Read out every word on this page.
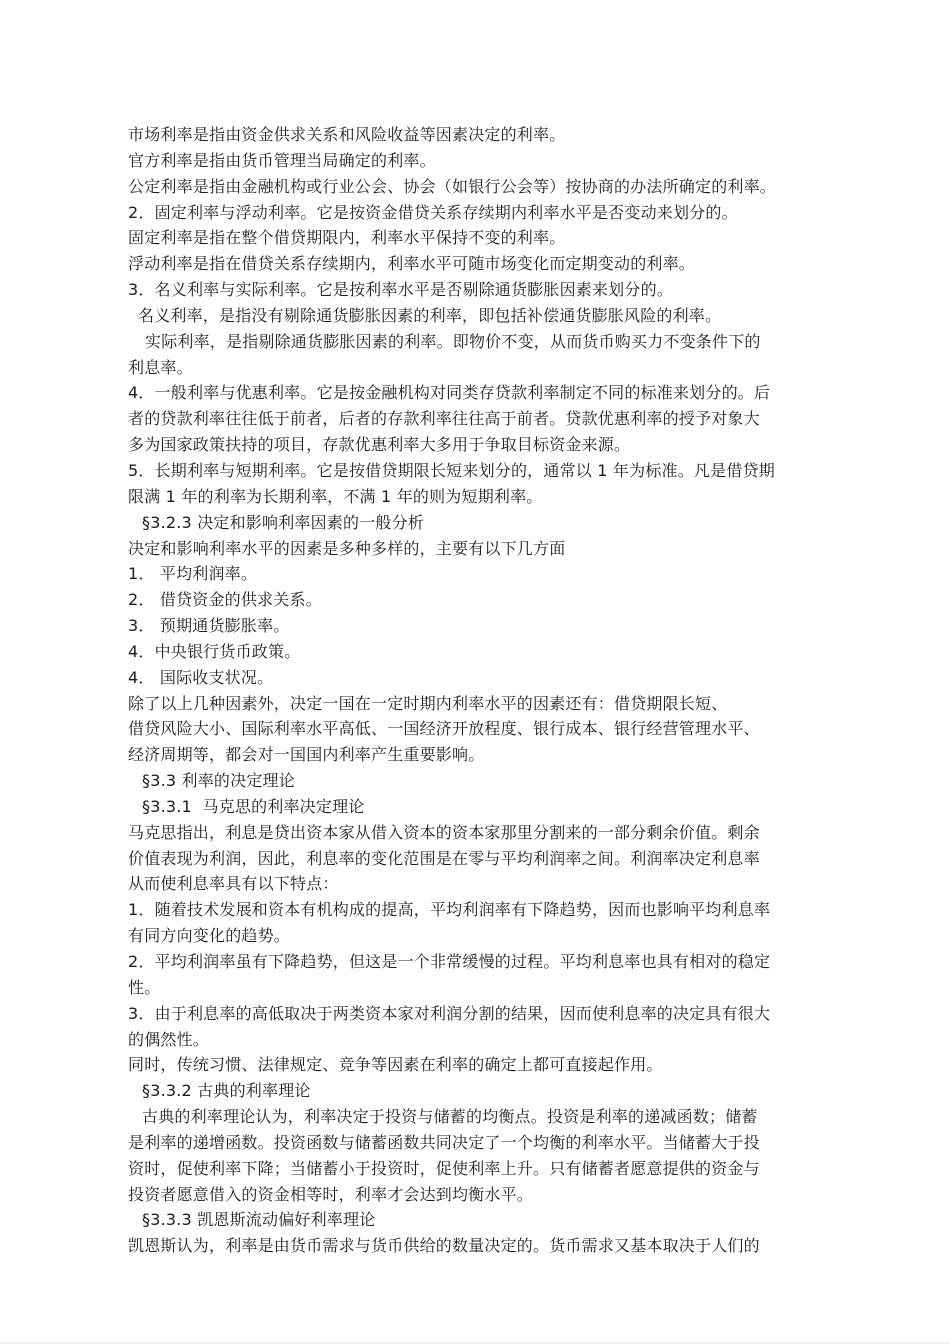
市场利率是指由资金供求关系和风险收益等因素决定的利率。
官方利率是指由货币管理当局确定的利率。
公定利率是指由金融机构或行业公会、协会（如银行公会等）按协商的办法所确定的利率。
2．固定利率与浮动利率。它是按资金借贷关系存续期内利率水平是否变动来划分的。
固定利率是指在整个借贷期限内，利率水平保持不变的利率。
浮动利率是指在借贷关系存续期内，利率水平可随市场变化而定期变动的利率。
3．名义利率与实际利率。它是按利率水平是否剔除通货膨胀因素来划分的。
名义利率，是指没有剔除通货膨胀因素的利率，即包括补偿通货膨胀风险的利率。
实际利率，是指剔除通货膨胀因素的利率。即物价不变，从而货币购买力不变条件下的
利息率。
4．一般利率与优惠利率。它是按金融机构对同类存贷款利率制定不同的标准来划分的。后
者的贷款利率往往低于前者，后者的存款利率往往高于前者。贷款优惠利率的授予对象大
多为国家政策扶持的项目，存款优惠利率大多用于争取目标资金来源。
5．长期利率与短期利率。它是按借贷期限长短来划分的，通常以 1 年为标准。凡是借贷期
限满 1 年的利率为长期利率，不满 1 年的则为短期利率。
§3.2.3 决定和影响利率因素的一般分析
决定和影响利率水平的因素是多种多样的，主要有以下几方面
1． 平均利润率。
2． 借贷资金的供求关系。
3． 预期通货膨胀率。
4．中央银行货币政策。
4． 国际收支状况。
除了以上几种因素外，决定一国在一定时期内利率水平的因素还有：借贷期限长短、
借贷风险大小、国际利率水平高低、一国经济开放程度、银行成本、银行经营管理水平、
经济周期等，都会对一国国内利率产生重要影响。
§3.3 利率的决定理论
§3.3.1  马克思的利率决定理论
马克思指出，利息是贷出资本家从借入资本的资本家那里分割来的一部分剩余价值。剩余
价值表现为利润，因此，利息率的变化范围是在零与平均利润率之间。利润率决定利息率
从而使利息率具有以下特点：
1．随着技术发展和资本有机构成的提高，平均利润率有下降趋势，因而也影响平均利息率
有同方向变化的趋势。
2．平均利润率虽有下降趋势，但这是一个非常缓慢的过程。平均利息率也具有相对的稳定
性。
3．由于利息率的高低取决于两类资本家对利润分割的结果，因而使利息率的决定具有很大
的偶然性。
同时，传统习惯、法律规定、竞争等因素在利率的确定上都可直接起作用。
§3.3.2 古典的利率理论
古典的利率理论认为，利率决定于投资与储蓄的均衡点。投资是利率的递减函数；储蓄
是利率的递增函数。投资函数与储蓄函数共同决定了一个均衡的利率水平。当储蓄大于投
资时，促使利率下降；当储蓄小于投资时，促使利率上升。只有储蓄者愿意提供的资金与
投资者愿意借入的资金相等时，利率才会达到均衡水平。
§3.3.3 凯恩斯流动偏好利率理论
凯恩斯认为，利率是由货币需求与货币供给的数量决定的。货币需求又基本取决于人们的
